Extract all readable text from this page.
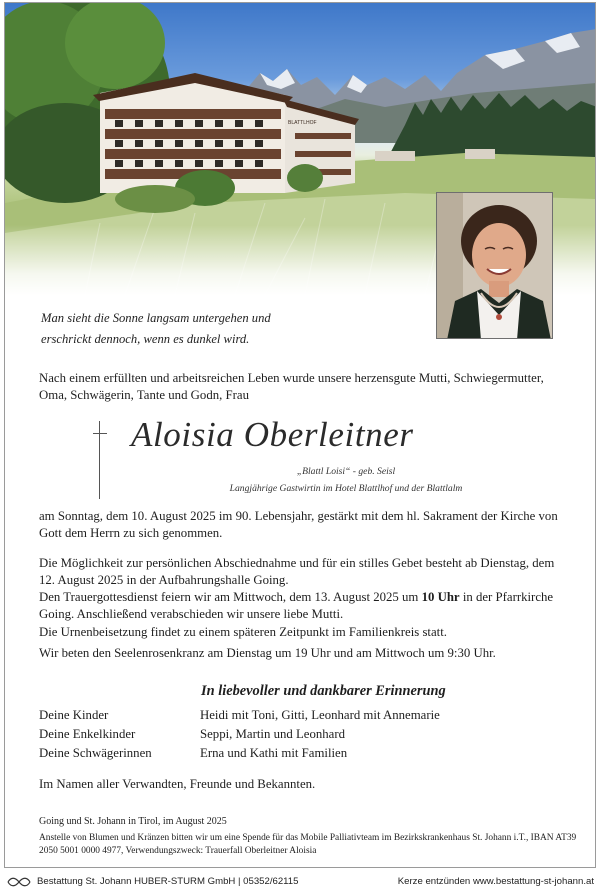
BLATTLHOF
Man sieht die Sonne langsam untergehen und
erschrickt dennoch, wenn es dunkel wird.
Nach einem erfüllten und arbeitsreichen Leben wurde unsere herzensgute Mutti, Schwiegermutter, Oma, Schwägerin, Tante und Godn, Frau
Aloisia Oberleitner
„Blattl Loisi“ - geb. Seisl
Langjährige Gastwirtin im Hotel Blattlhof und der Blattlalm
am Sonntag, dem 10. August 2025 im 90. Lebensjahr, gestärkt mit dem hl. Sakrament der Kirche von Gott dem Herrn zu sich genommen.
Die Möglichkeit zur persönlichen Abschiednahme und für ein stilles Gebet besteht ab Dienstag, dem 12. August 2025 in der Aufbahrungshalle Going.
Den Trauergottesdienst feiern wir am Mittwoch, dem 13. August 2025 um 10 Uhr in der Pfarrkirche Going. Anschließend verabschieden wir unsere liebe Mutti.
Die Urnenbeisetzung findet zu einem späteren Zeitpunkt im Familienkreis statt.
Wir beten den Seelenrosenkranz am Dienstag um 19 Uhr und am Mittwoch um 9:30 Uhr.
In liebevoller und dankbarer Erinnerung
Deine Kinder	Heidi mit Toni, Gitti, Leonhard mit Annemarie
Deine Enkelkinder	Seppi, Martin und Leonhard
Deine Schwägerinnen	Erna und Kathi mit Familien
Im Namen aller Verwandten, Freunde und Bekannten.
Going und St. Johann in Tirol, im August 2025
Anstelle von Blumen und Kränzen bitten wir um eine Spende für das Mobile Palliativteam im Bezirkskrankenhaus St. Johann i.T., IBAN AT39 2050 5001 0000 4977, Verwendungszweck: Trauerfall Oberleitner Aloisia
Bestattung St. Johann HUBER-STURM GmbH | 05352/62115	Kerze entzünden www.bestattung-st-johann.at
